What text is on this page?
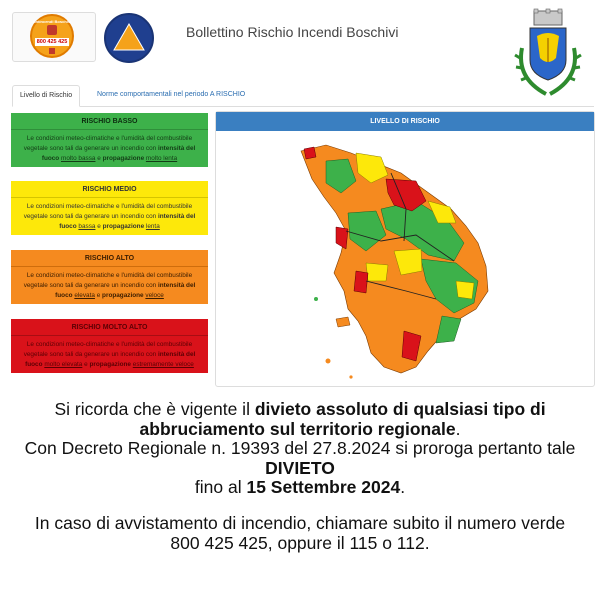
Antincendi Boschivi
800 425 425
Bollettino Rischio Incendi Boschivi
Livello di Rischio	Norme comportamentali nel periodo A RISCHIO
RISCHIO BASSO
Le condizioni meteo-climatiche e l'umidità del combustibile vegetale sono tali da generare un incendio con intensità del fuoco molto bassa e propagazione molto lenta
RISCHIO MEDIO
Le condizioni meteo-climatiche e l'umidità del combustibile vegetale sono tali da generare un incendio con intensità del fuoco bassa e propagazione lenta
RISCHIO ALTO
Le condizioni meteo-climatiche e l'umidità del combustibile vegetale sono tali da generare un incendio con intensità del fuoco elevata e propagazione veloce
RISCHIO MOLTO ALTO
Le condizioni meteo-climatiche e l'umidità del combustibile vegetale sono tali da generare un incendio con intensità del fuoco molto elevata e propagazione estremamente veloce
LIVELLO DI RISCHIO
Si ricorda che è vigente il divieto assoluto di qualsiasi tipo di abbruciamento sul territorio regionale.
Con Decreto Regionale n. 19393 del 27.8.2024 si proroga pertanto tale DIVIETO
fino al 15 Settembre 2024.
In caso di avvistamento di incendio, chiamare subito il numero verde 800 425 425, oppure il 115 o 112.
